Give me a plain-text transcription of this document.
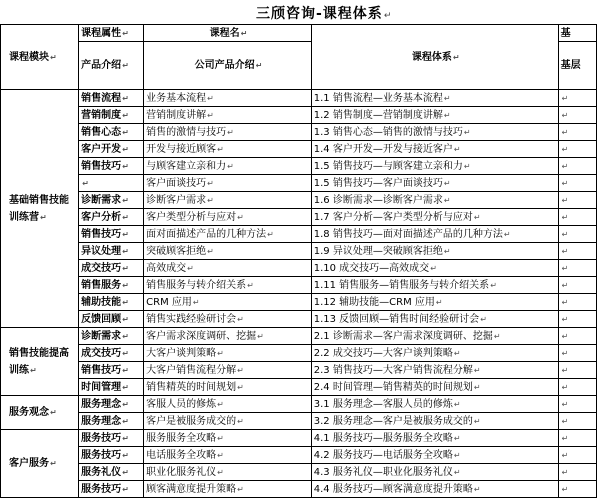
三颀咨询-课程体系↵
课程模块↵	课程属性↵	课程名↵	课程体系↵	基
	产品介绍↵	公司产品介绍↵		基层
基础销售技能训练营↵	销售流程↵	业务基本流程↵	1.1 销售流程—业务基本流程↵	↵
	营销制度↵	营销制度讲解↵	1.2 销售制度—营销制度讲解↵	↵
	销售心态↵	销售的激情与技巧↵	1.3 销售心态—销售的激情与技巧↵	↵
	客户开发↵	开发与接近顾客↵	1.4 客户开发—开发与接近客户↵	↵
	销售技巧↵	与顾客建立亲和力↵	1.5 销售技巧—与顾客建立亲和力↵	↵
	↵	客户面谈技巧↵	1.5 销售技巧—客户面谈技巧↵	↵
	诊断需求↵	诊断客户需求↵	1.6 诊断需求—诊断客户需求↵	↵
	客户分析↵	客户类型分析与应对↵	1.7 客户分析—客户类型分析与应对↵	↵
	销售技巧↵	面对面描述产品的几种方法↵	1.8 销售技巧—面对面描述产品的几种方法↵	↵
	异议处理↵	突破顾客拒绝↵	1.9 异议处理—突破顾客拒绝↵	↵
	成交技巧↵	高效成交↵	1.10 成交技巧—高效成交↵	↵
	销售服务↵	销售服务与转介绍关系↵	1.11 销售服务—销售服务与转介绍关系↵	↵
	辅助技能↵	CRM 应用↵	1.12 辅助技能—CRM 应用↵	↵
	反馈回顾↵	销售实践经验研讨会↵	1.13 反馈回顾—销售时间经验研讨会↵	↵
销售技能提高训练↵	诊断需求↵	客户需求深度调研、挖掘↵	2.1 诊断需求—客户需求深度调研、挖掘↵	↵
	成交技巧↵	大客户谈判策略↵	2.2 成交技巧—大客户谈判策略↵	↵
	销售技巧↵	大客户销售流程分解↵	2.3 销售技巧—大客户销售流程分解↵	↵
	时间管理↵	销售精英的时间规划↵	2.4 时间管理—销售精英的时间规划↵	↵
服务观念↵	服务理念↵	客服人员的修炼↵	3.1 服务理念—客服人员的修炼↵	↵
	服务理念↵	客户是被服务成交的↵	3.2 服务理念—客户是被服务成交的↵	↵
客户服务↵	服务技巧↵	服务服务全攻略↵	4.1 服务技巧—服务服务全攻略↵	↵
	服务技巧↵	电话服务全攻略↵	4.2 服务技巧—电话服务全攻略↵	↵
	服务礼仪↵	职业化服务礼仪↵	4.3 服务礼仪—职业化服务礼仪↵	↵
	服务技巧↵	顾客满意度提升策略↵	4.4 服务技巧—顾客满意度提升策略↵	↵
